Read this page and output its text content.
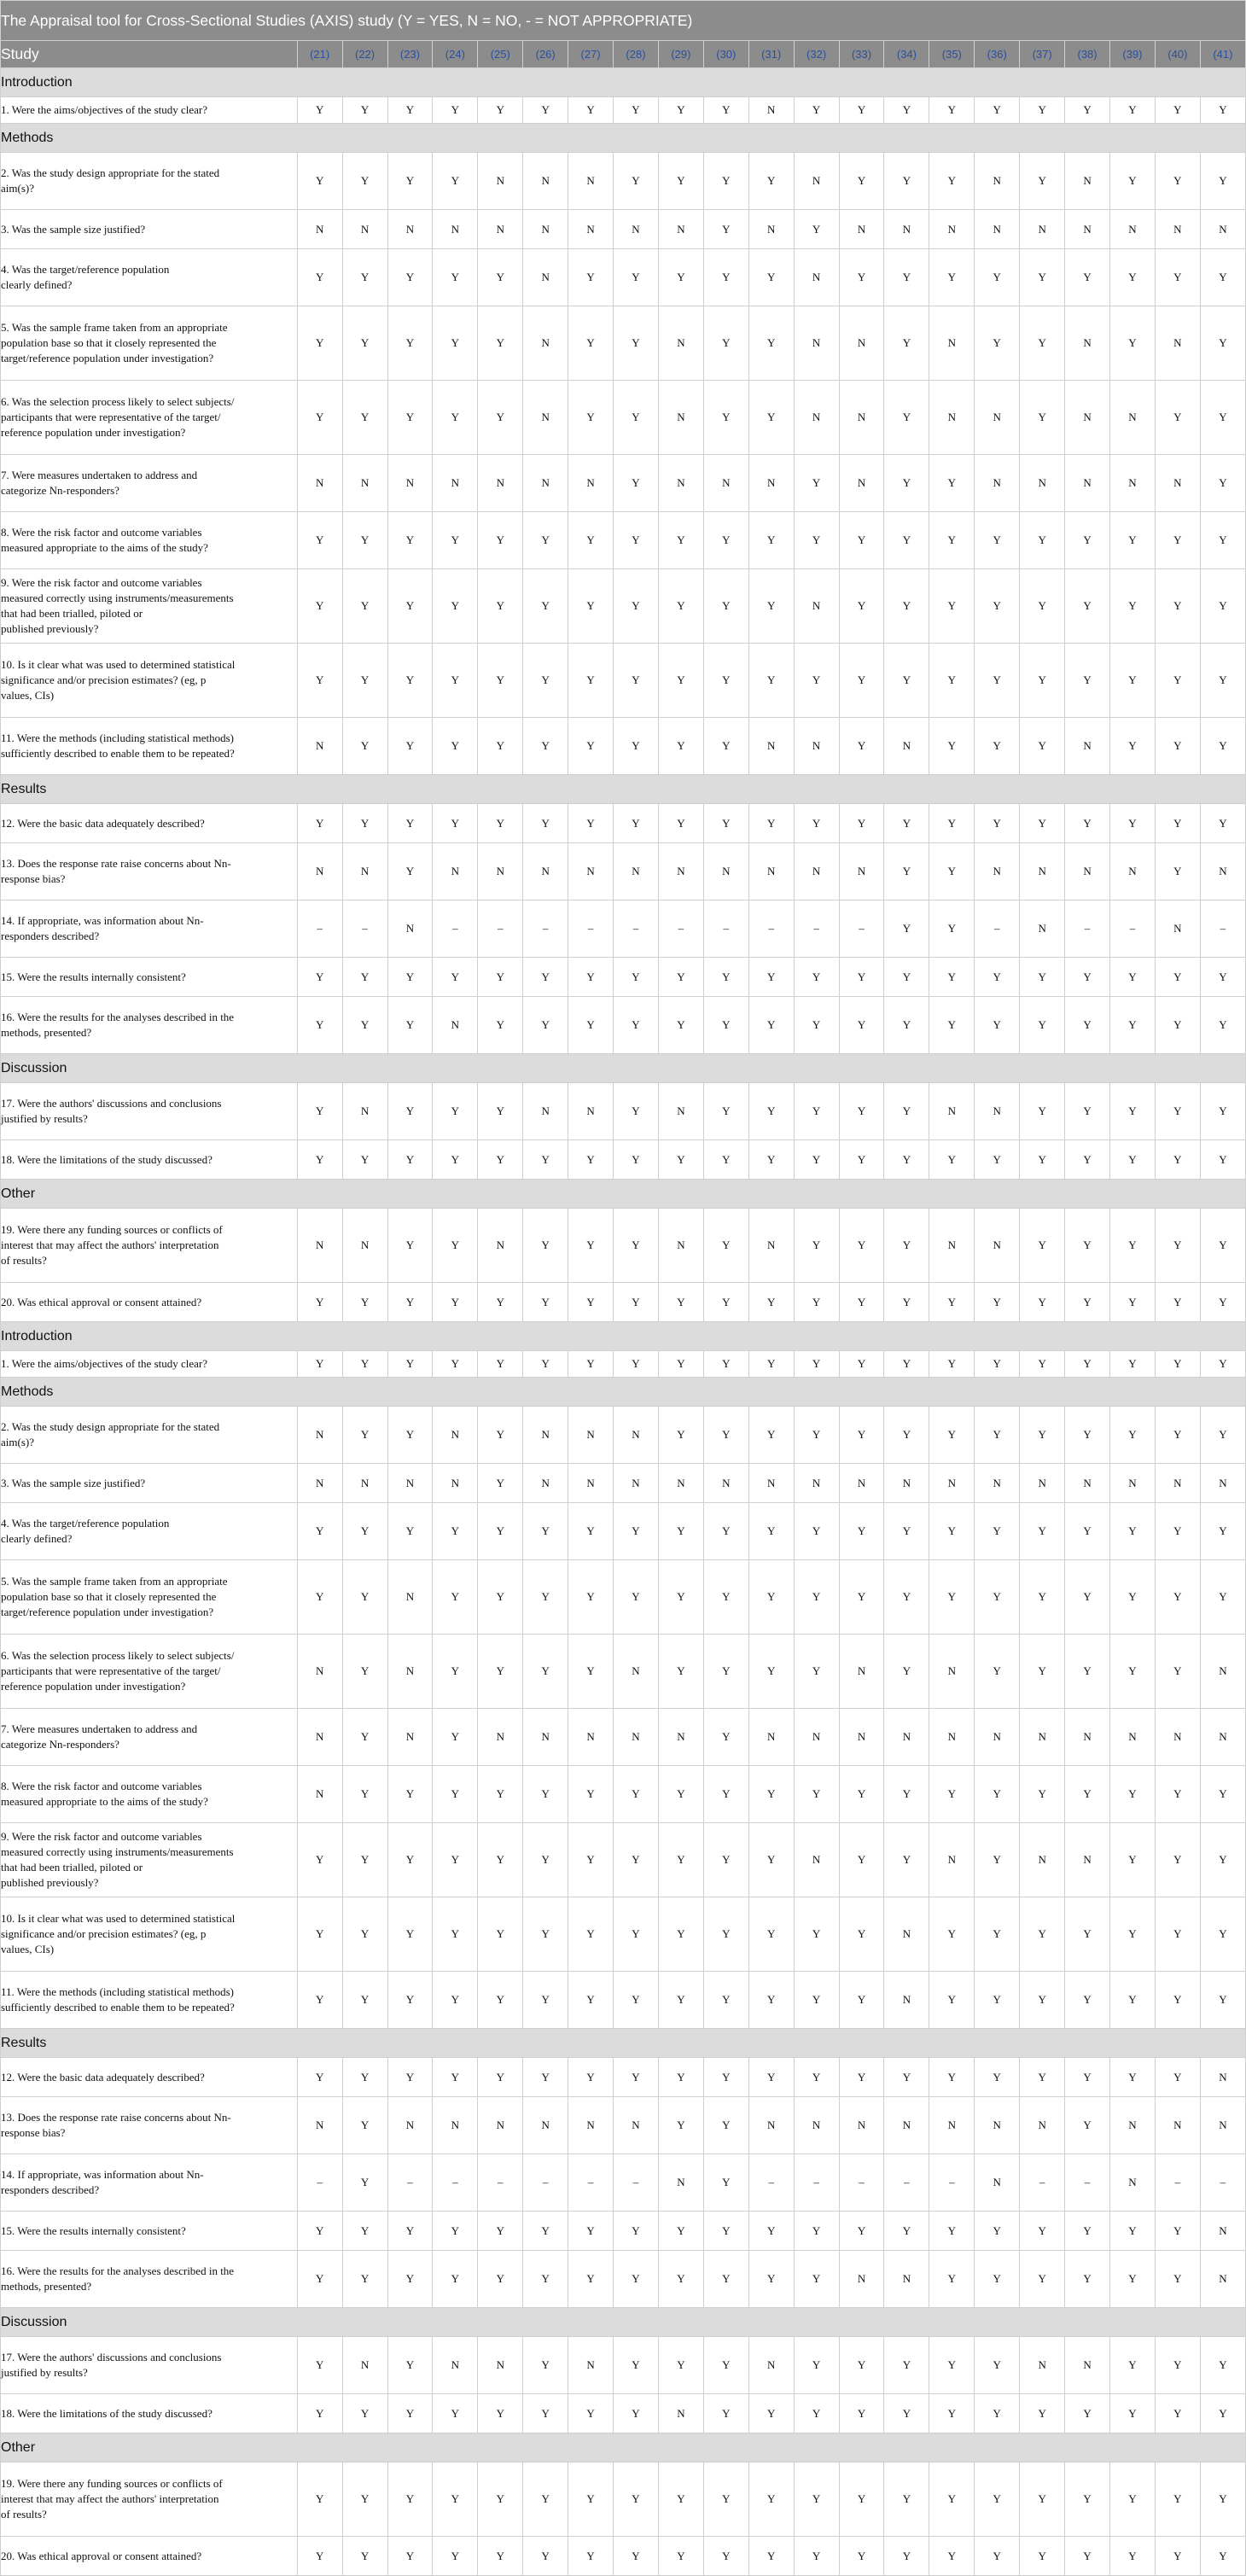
The Appraisal tool for Cross-Sectional Studies (AXIS) study (Y = YES, N = NO, - = NOT APPROPRIATE)																					
Study	(21)	(22)	(23)	(24)	(25)	(26)	(27)	(28)	(29)	(30)	(31)	(32)	(33)	(34)	(35)	(36)	(37)	(38)	(39)	(40)	(41)
Introduction																					
1. Were the aims/objectives of the study clear?	Y	Y	Y	Y	Y	Y	Y	Y	Y	Y	N	Y	Y	Y	Y	Y	Y	Y	Y	Y	Y
Methods																					
2. Was the study design appropriate for the stated
aim(s)?	Y	Y	Y	Y	N	N	N	Y	Y	Y	Y	N	Y	Y	Y	N	Y	N	Y	Y	Y
3. Was the sample size justified?	N	N	N	N	N	N	N	N	N	Y	N	Y	N	N	N	N	N	N	N	N	N
4. Was the target/reference population
clearly defined?	Y	Y	Y	Y	Y	N	Y	Y	Y	Y	Y	N	Y	Y	Y	Y	Y	Y	Y	Y	Y
5. Was the sample frame taken from an appropriate
population base so that it closely represented the
target/reference population under investigation?	Y	Y	Y	Y	Y	N	Y	Y	N	Y	Y	N	N	Y	N	Y	Y	N	Y	N	Y
6. Was the selection process likely to select subjects/
participants that were representative of the target/
reference population under investigation?	Y	Y	Y	Y	Y	N	Y	Y	N	Y	Y	N	N	Y	N	N	Y	N	N	Y	Y
7. Were measures undertaken to address and
categorize Nn-responders?	N	N	N	N	N	N	N	Y	N	N	N	Y	N	Y	Y	N	N	N	N	N	Y
8. Were the risk factor and outcome variables
measured appropriate to the aims of the study?	Y	Y	Y	Y	Y	Y	Y	Y	Y	Y	Y	Y	Y	Y	Y	Y	Y	Y	Y	Y	Y
9. Were the risk factor and outcome variables
measured correctly using instruments/measurements
that had been trialled, piloted or
published previously?	Y	Y	Y	Y	Y	Y	Y	Y	Y	Y	Y	N	Y	Y	Y	Y	Y	Y	Y	Y	Y
10. Is it clear what was used to determined statistical
significance and/or precision estimates? (eg, p
values, CIs)	Y	Y	Y	Y	Y	Y	Y	Y	Y	Y	Y	Y	Y	Y	Y	Y	Y	Y	Y	Y	Y
11. Were the methods (including statistical methods)
sufficiently described to enable them to be repeated?	N	Y	Y	Y	Y	Y	Y	Y	Y	Y	N	N	Y	N	Y	Y	Y	N	Y	Y	Y
Results																					
12. Were the basic data adequately described?	Y	Y	Y	Y	Y	Y	Y	Y	Y	Y	Y	Y	Y	Y	Y	Y	Y	Y	Y	Y	Y
13. Does the response rate raise concerns about Nn-
response bias?	N	N	Y	N	N	N	N	N	N	N	N	N	N	Y	Y	N	N	N	N	Y	N
14. If appropriate, was information about Nn-
responders described?	–	–	N	–	–	–	–	–	–	–	–	–	–	Y	Y	–	N	–	–	N	–
15. Were the results internally consistent?	Y	Y	Y	Y	Y	Y	Y	Y	Y	Y	Y	Y	Y	Y	Y	Y	Y	Y	Y	Y	Y
16. Were the results for the analyses described in the
methods, presented?	Y	Y	Y	N	Y	Y	Y	Y	Y	Y	Y	Y	Y	Y	Y	Y	Y	Y	Y	Y	Y
Discussion																					
17. Were the authors' discussions and conclusions
justified by results?	Y	N	Y	Y	Y	N	N	Y	N	Y	Y	Y	Y	Y	N	N	Y	Y	Y	Y	Y
18. Were the limitations of the study discussed?	Y	Y	Y	Y	Y	Y	Y	Y	Y	Y	Y	Y	Y	Y	Y	Y	Y	Y	Y	Y	Y
Other																					
19. Were there any funding sources or conflicts of
interest that may affect the authors' interpretation
of results?	N	N	Y	Y	N	Y	Y	Y	N	Y	N	Y	Y	Y	N	N	Y	Y	Y	Y	Y
20. Was ethical approval or consent attained?	Y	Y	Y	Y	Y	Y	Y	Y	Y	Y	Y	Y	Y	Y	Y	Y	Y	Y	Y	Y	Y
Introduction																					
1. Were the aims/objectives of the study clear?	Y	Y	Y	Y	Y	Y	Y	Y	Y	Y	Y	Y	Y	Y	Y	Y	Y	Y	Y	Y	Y
Methods																					
2. Was the study design appropriate for the stated
aim(s)?	N	Y	Y	N	Y	N	N	N	Y	Y	Y	Y	Y	Y	Y	Y	Y	Y	Y	Y	Y
3. Was the sample size justified?	N	N	N	N	Y	N	N	N	N	N	N	N	N	N	N	N	N	N	N	N	N
4. Was the target/reference population
clearly defined?	Y	Y	Y	Y	Y	Y	Y	Y	Y	Y	Y	Y	Y	Y	Y	Y	Y	Y	Y	Y	Y
5. Was the sample frame taken from an appropriate
population base so that it closely represented the
target/reference population under investigation?	Y	Y	N	Y	Y	Y	Y	Y	Y	Y	Y	Y	Y	Y	Y	Y	Y	Y	Y	Y	Y
6. Was the selection process likely to select subjects/
participants that were representative of the target/
reference population under investigation?	N	Y	N	Y	Y	Y	Y	N	Y	Y	Y	Y	N	Y	N	Y	Y	Y	Y	Y	N
7. Were measures undertaken to address and
categorize Nn-responders?	N	Y	N	Y	N	N	N	N	N	Y	N	N	N	N	N	N	N	N	N	N	N
8. Were the risk factor and outcome variables
measured appropriate to the aims of the study?	N	Y	Y	Y	Y	Y	Y	Y	Y	Y	Y	Y	Y	Y	Y	Y	Y	Y	Y	Y	Y
9. Were the risk factor and outcome variables
measured correctly using instruments/measurements
that had been trialled, piloted or
published previously?	Y	Y	Y	Y	Y	Y	Y	Y	Y	Y	Y	N	Y	Y	N	Y	N	N	Y	Y	Y
10. Is it clear what was used to determined statistical
significance and/or precision estimates? (eg, p
values, CIs)	Y	Y	Y	Y	Y	Y	Y	Y	Y	Y	Y	Y	Y	N	Y	Y	Y	Y	Y	Y	Y
11. Were the methods (including statistical methods)
sufficiently described to enable them to be repeated?	Y	Y	Y	Y	Y	Y	Y	Y	Y	Y	Y	Y	Y	N	Y	Y	Y	Y	Y	Y	Y
Results																					
12. Were the basic data adequately described?	Y	Y	Y	Y	Y	Y	Y	Y	Y	Y	Y	Y	Y	Y	Y	Y	Y	Y	Y	Y	N
13. Does the response rate raise concerns about Nn-
response bias?	N	Y	N	N	N	N	N	N	Y	Y	N	N	N	N	N	N	N	Y	N	N	N
14. If appropriate, was information about Nn-
responders described?	–	Y	–	–	–	–	–	–	N	Y	–	–	–	–	–	N	–	–	N	–	–
15. Were the results internally consistent?	Y	Y	Y	Y	Y	Y	Y	Y	Y	Y	Y	Y	Y	Y	Y	Y	Y	Y	Y	Y	N
16. Were the results for the analyses described in the
methods, presented?	Y	Y	Y	Y	Y	Y	Y	Y	Y	Y	Y	Y	N	N	Y	Y	Y	Y	Y	Y	N
Discussion																					
17. Were the authors' discussions and conclusions
justified by results?	Y	N	Y	N	N	Y	N	Y	Y	Y	N	Y	Y	Y	Y	Y	N	N	Y	Y	Y
18. Were the limitations of the study discussed?	Y	Y	Y	Y	Y	Y	Y	Y	N	Y	Y	Y	Y	Y	Y	Y	Y	Y	Y	Y	Y
Other																					
19. Were there any funding sources or conflicts of
interest that may affect the authors' interpretation
of results?	Y	Y	Y	Y	Y	Y	Y	Y	Y	Y	Y	Y	Y	Y	Y	Y	Y	Y	Y	Y	Y
20. Was ethical approval or consent attained?	Y	Y	Y	Y	Y	Y	Y	Y	Y	Y	Y	Y	Y	Y	Y	Y	Y	Y	Y	Y	Y
